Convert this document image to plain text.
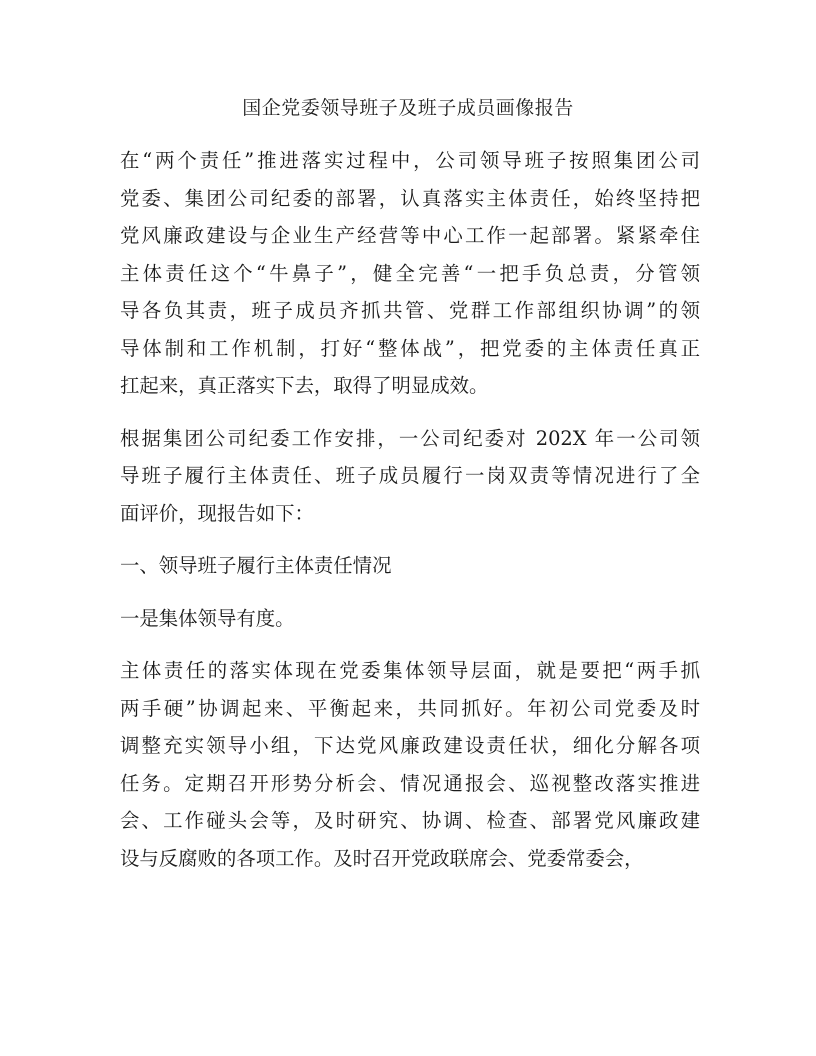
国企党委领导班子及班子成员画像报告
在“两个责任”推进落实过程中，公司领导班子按照集团公司
党委、集团公司纪委的部署，认真落实主体责任，始终坚持把
党风廉政建设与企业生产经营等中心工作一起部署。紧紧牵住
主体责任这个“牛鼻子”，健全完善“一把手负总责，分管领
导各负其责，班子成员齐抓共管、党群工作部组织协调”的领
导体制和工作机制，打好“整体战”，把党委的主体责任真正
扛起来，真正落实下去，取得了明显成效。
根据集团公司纪委工作安排，一公司纪委对 202X 年一公司领
导班子履行主体责任、班子成员履行一岗双责等情况进行了全
面评价，现报告如下：
一、领导班子履行主体责任情况
一是集体领导有度。
主体责任的落实体现在党委集体领导层面，就是要把“两手抓
两手硬”协调起来、平衡起来，共同抓好。年初公司党委及时
调整充实领导小组，下达党风廉政建设责任状，细化分解各项
任务。定期召开形势分析会、情况通报会、巡视整改落实推进
会、工作碰头会等，及时研究、协调、检查、部署党风廉政建
设与反腐败的各项工作。及时召开党政联席会、党委常委会，
